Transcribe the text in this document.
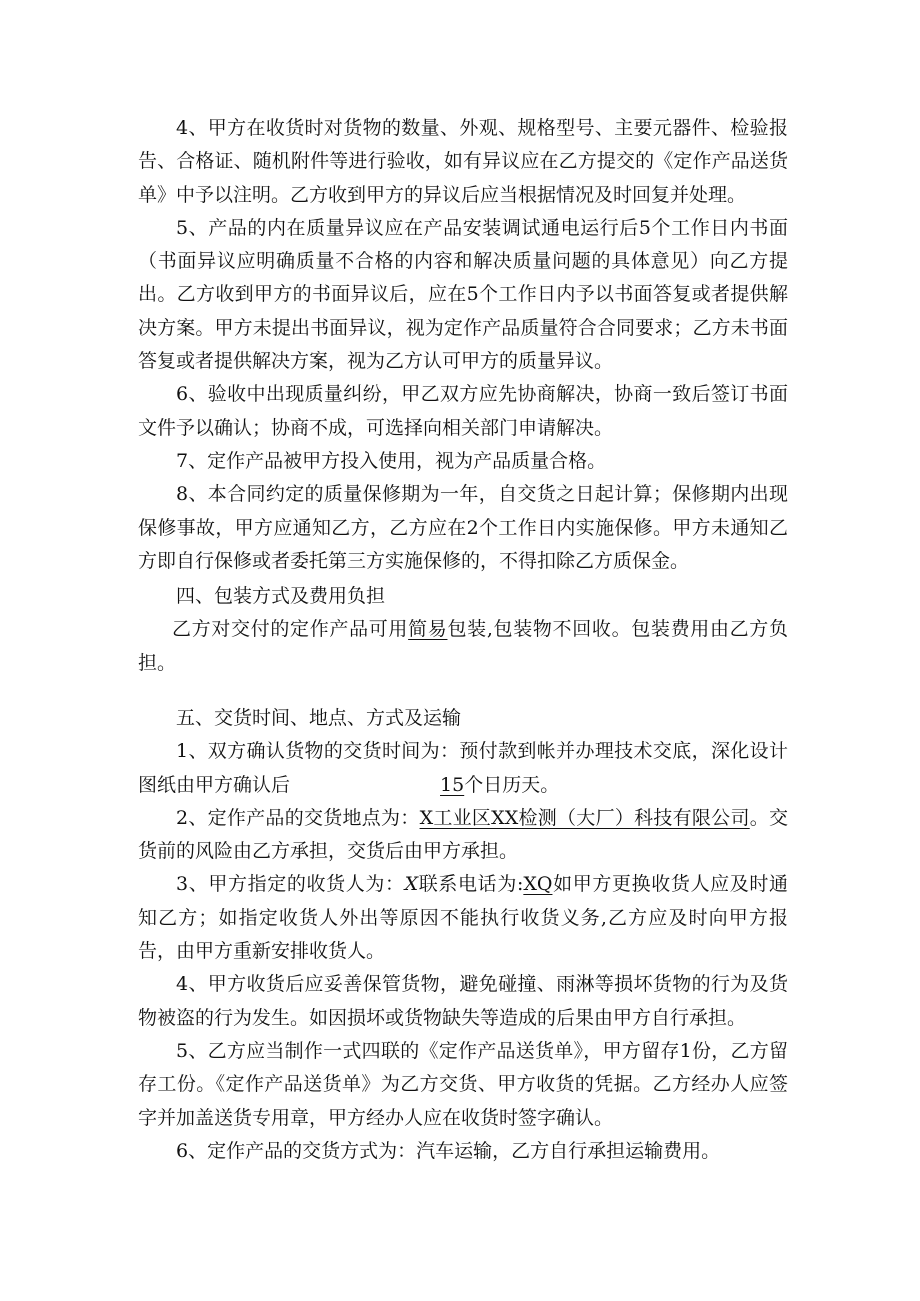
4、甲方在收货时对货物的数量、外观、规格型号、主要元器件、检验报告、合格证、随机附件等进行验收，如有异议应在乙方提交的《定作产品送货单》中予以注明。乙方收到甲方的异议后应当根据情况及时回复并处理。

5、产品的内在质量异议应在产品安装调试通电运行后5个工作日内书面（书面异议应明确质量不合格的内容和解决质量问题的具体意见）向乙方提出。乙方收到甲方的书面异议后，应在5个工作日内予以书面答复或者提供解决方案。甲方未提出书面异议，视为定作产品质量符合合同要求；乙方未书面答复或者提供解决方案，视为乙方认可甲方的质量异议。

6、验收中出现质量纠纷，甲乙双方应先协商解决，协商一致后签订书面文件予以确认；协商不成，可选择向相关部门申请解决。

7、定作产品被甲方投入使用，视为产品质量合格。

8、本合同约定的质量保修期为一年，自交货之日起计算；保修期内出现保修事故，甲方应通知乙方，乙方应在2个工作日内实施保修。甲方未通知乙方即自行保修或者委托第三方实施保修的，不得扣除乙方质保金。

四、包装方式及费用负担

乙方对交付的定作产品可用简易包装,包装物不回收。包装费用由乙方负担。

五、交货时间、地点、方式及运输

1、双方确认货物的交货时间为：预付款到帐并办理技术交底，深化设计图纸由甲方确认后	15个日历天。

2、定作产品的交货地点为：X工业区XX检测（大厂）科技有限公司。交货前的风险由乙方承担，交货后由甲方承担。

3、甲方指定的收货人为：X联系电话为:XQ如甲方更换收货人应及时通知乙方；如指定收货人外出等原因不能执行收货义务,乙方应及时向甲方报告，由甲方重新安排收货人。

4、甲方收货后应妥善保管货物，避免碰撞、雨淋等损坏货物的行为及货物被盗的行为发生。如因损坏或货物缺失等造成的后果由甲方自行承担。

5、乙方应当制作一式四联的《定作产品送货单》，甲方留存1份，乙方留存工份。《定作产品送货单》为乙方交货、甲方收货的凭据。乙方经办人应签字并加盖送货专用章，甲方经办人应在收货时签字确认。

6、定作产品的交货方式为：汽车运输，乙方自行承担运输费用。
